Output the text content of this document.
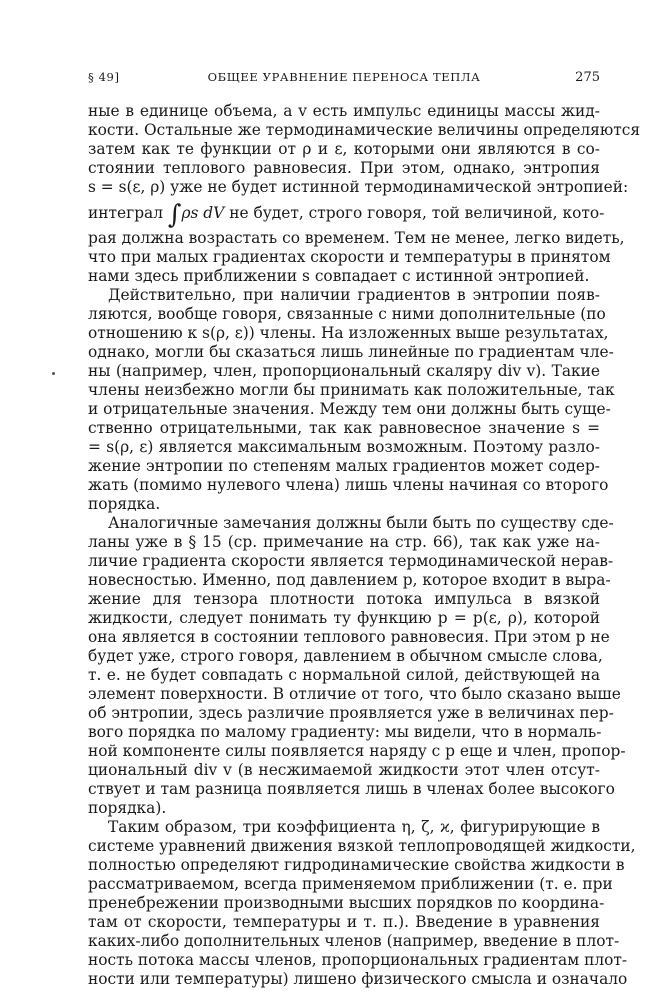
§ 49]	ОБЩЕЕ УРАВНЕНИЕ ПЕРЕНОСА ТЕПЛА	275
ные в единице объема, а v есть импульс единицы массы жид-
кости. Остальные же термодинамические величины определяются
затем как те функции от ρ и ε, которыми они являются в со-
стоянии теплового равновесия. При этом, однако, энтропия
s = s(ε, ρ) уже не будет истинной термодинамической энтропией:
интеграл ∫ρs dV не будет, строго говоря, той величиной, кото-
рая должна возрастать со временем. Тем не менее, легко видеть,
что при малых градиентах скорости и температуры в принятом
нами здесь приближении s совпадает с истинной энтропией.
Действительно, при наличии градиентов в энтропии появ-
ляются, вообще говоря, связанные с ними дополнительные (по
отношению к s(ρ, ε)) члены. На изложенных выше результатах,
однако, могли бы сказаться лишь линейные по градиентам чле-
ны (например, член, пропорциональный скаляру div v). Такие
члены неизбежно могли бы принимать как положительные, так
и отрицательные значения. Между тем они должны быть суще-
ственно отрицательными, так как равновесное значение s =
= s(ρ, ε) является максимальным возможным. Поэтому разло-
жение энтропии по степеням малых градиентов может содер-
жать (помимо нулевого члена) лишь члены начиная со второго
порядка.
Аналогичные замечания должны были быть по существу сде-
ланы уже в § 15 (ср. примечание на стр. 66), так как уже на-
личие градиента скорости является термодинамической нерав-
новесностью. Именно, под давлением p, которое входит в выра-
жение для тензора плотности потока импульса в вязкой
жидкости, следует понимать ту функцию p = p(ε, ρ), которой
она является в состоянии теплового равновесия. При этом p не
будет уже, строго говоря, давлением в обычном смысле слова,
т. е. не будет совпадать с нормальной силой, действующей на
элемент поверхности. В отличие от того, что было сказано выше
об энтропии, здесь различие проявляется уже в величинах пер-
вого порядка по малому градиенту: мы видели, что в нормаль-
ной компоненте силы появляется наряду с p еще и член, пропор-
циональный div v (в несжимаемой жидкости этот член отсут-
ствует и там разница появляется лишь в членах более высокого
порядка).
Таким образом, три коэффициента η, ζ, ϰ, фигурирующие в
системе уравнений движения вязкой теплопроводящей жидкости,
полностью определяют гидродинамические свойства жидкости в
рассматриваемом, всегда применяемом приближении (т. е. при
пренебрежении производными высших порядков по координа-
там от скорости, температуры и т. п.). Введение в уравнения
каких-либо дополнительных членов (например, введение в плот-
ность потока массы членов, пропорциональных градиентам плот-
ности или температуры) лишено физического смысла и означало
